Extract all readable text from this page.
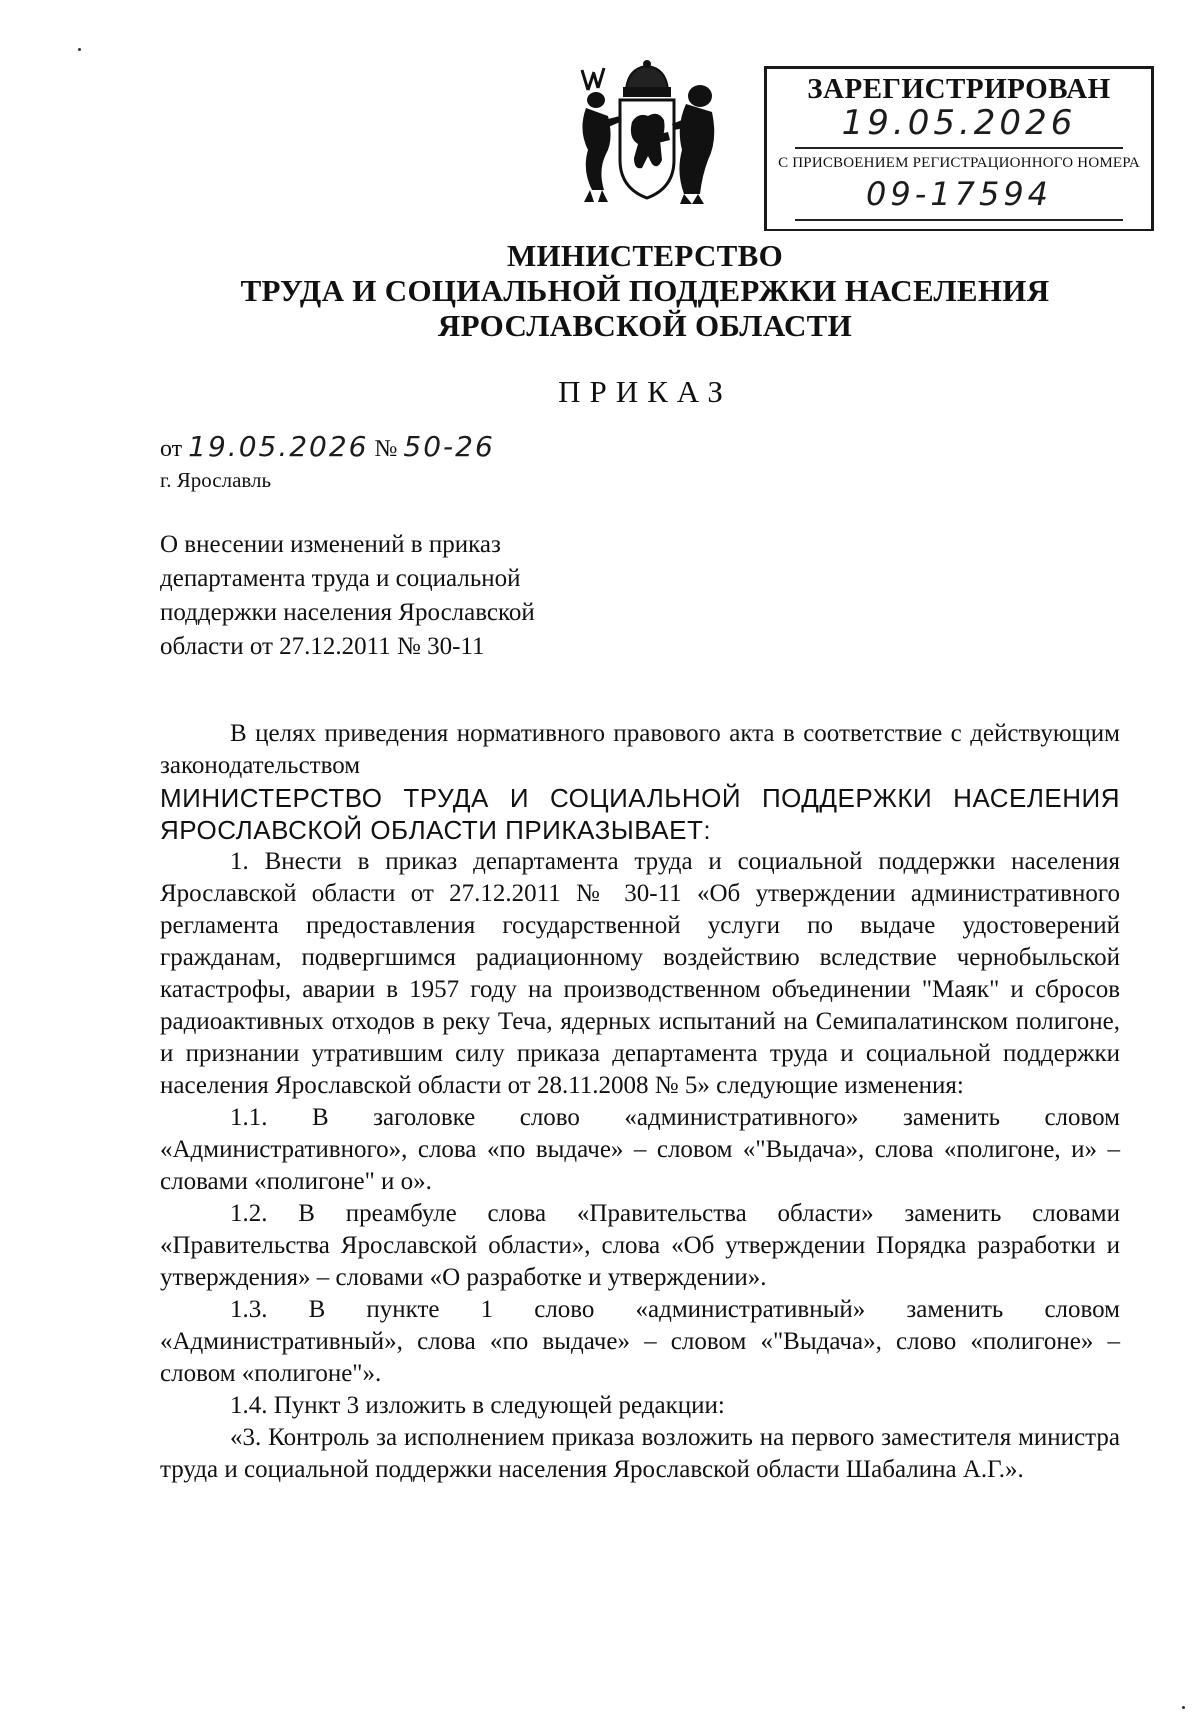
ЗАРЕГИСТРИРОВАН
19.05.2026
С ПРИСВОЕНИЕМ РЕГИСТРАЦИОННОГО НОМЕРА
09-17594
МИНИСТЕРСТВО
ТРУДА И СОЦИАЛЬНОЙ ПОДДЕРЖКИ НАСЕЛЕНИЯ
ЯРОСЛАВСКОЙ ОБЛАСТИ
ПРИКАЗ
от 19.05.2026 № 50-26
г. Ярославль
О внесении изменений в приказ
департамента труда и социальной
поддержки населения Ярославской
области от 27.12.2011 № 30-11

В целях приведения нормативного правового акта в соответствие с действующим законодательством

МИНИСТЕРСТВО ТРУДА И СОЦИАЛЬНОЙ ПОДДЕРЖКИ НАСЕЛЕНИЯ ЯРОСЛАВСКОЙ ОБЛАСТИ ПРИКАЗЫВАЕТ:

1. Внести в приказ департамента труда и социальной поддержки населения Ярославской области от 27.12.2011 № 30-11 «Об утверждении административного регламента предоставления государственной услуги по выдаче удостоверений гражданам, подвергшимся радиационному воздействию вследствие чернобыльской катастрофы, аварии в 1957 году на производственном объединении "Маяк" и сбросов радиоактивных отходов в реку Теча, ядерных испытаний на Семипалатинском полигоне, и признании утратившим силу приказа департамента труда и социальной поддержки населения Ярославской области от 28.11.2008 № 5» следующие изменения:

1.1. В заголовке слово «административного» заменить словом «Административного», слова «по выдаче» – словом «"Выдача», слова «полигоне, и» – словами «полигоне" и о».

1.2. В преамбуле слова «Правительства области» заменить словами «Правительства Ярославской области», слова «Об утверждении Порядка разработки и утверждения» – словами «О разработке и утверждении».

1.3. В пункте 1 слово «административный» заменить словом «Административный», слова «по выдаче» – словом «"Выдача», слово «полигоне» – словом «полигоне"».

1.4. Пункт 3 изложить в следующей редакции:

«3. Контроль за исполнением приказа возложить на первого заместителя министра труда и социальной поддержки населения Ярославской области Шабалина А.Г.».
